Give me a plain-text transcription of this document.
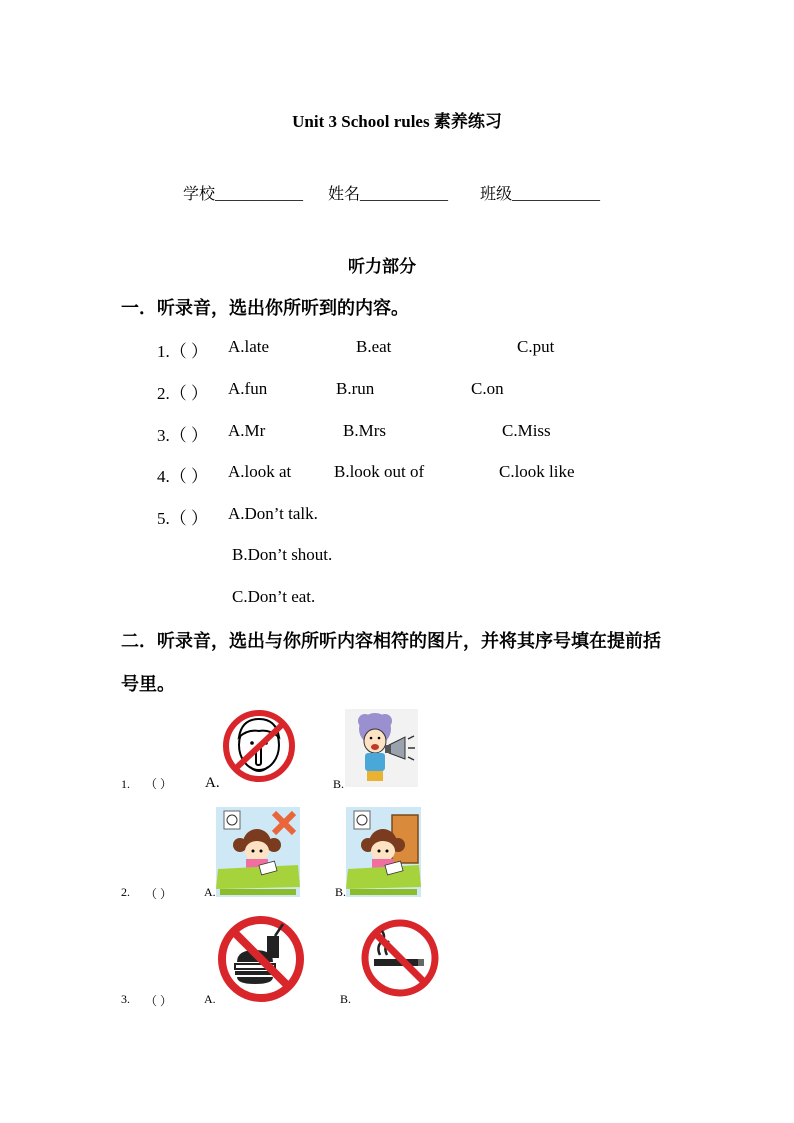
Unit 3 School rules 素养练习
学校___________ 姓名___________ 班级___________
听力部分
一．听录音，选出你所听到的内容。
1.（ ） A.late	B.eat	C.put
2.（ ） A.fun	B.run	C.on
3.（ ） A.Mr	B.Mrs	C.Miss
4.（ ） A.look at	B.look out of	C.look like
5.（ ） A.Don’t talk.
B.Don’t shout.
C.Don’t eat.
二．听录音，选出与你所听内容相符的图片，并将其序号填在提前括
号里。
1. （ ） A.	B.
2. （ ）	A.	B.
3. （ ）	A.	B.
